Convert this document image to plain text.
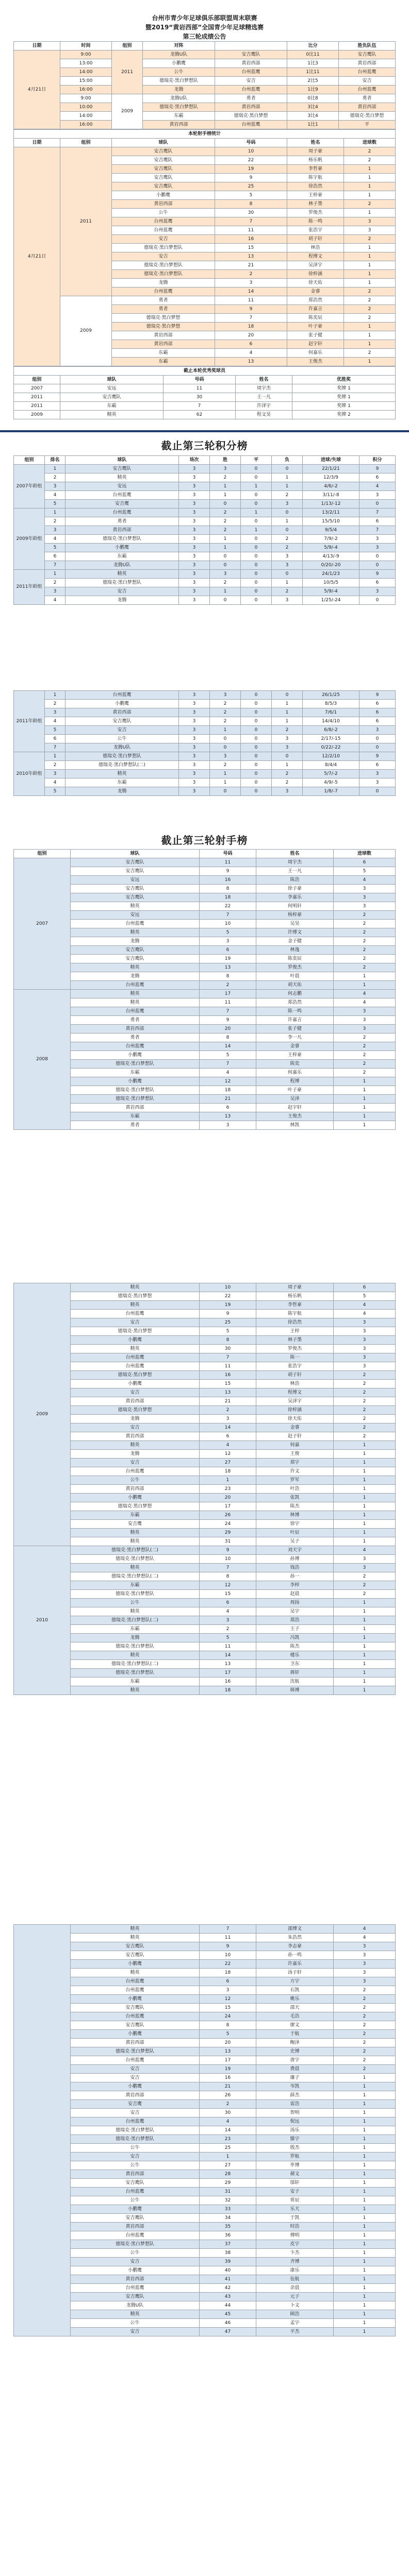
台州市青少年足球俱乐部联盟周末联赛
暨2019“黄岩西部”全国青少年足球精选赛
第三轮成绩公告
日期	时间	组别	对阵		比分	胜负队伍
4月21日	9:00	2011	龙腾U队	安吉鹰队	0比11	安吉鹰队
	13:00		小鹏鹰	黄岩西部	1比3	黄岩西部
	14:00		公牛	台州蓝鹰	1比11	台州蓝鹰
	15:00		德瑞克·黑白梦想队	安吉	2比5	安吉
	16:00		龙腾	台州蓝鹰	1比9	台州蓝鹰
	9:00	2009	龙腾U队	勇者	0比8	勇者
	10:00		德瑞克·黑白梦想队	黄岩西部	3比4	黄岩西部
	14:00		东霸	德瑞克·黑白梦想	3比4	德瑞克·黑白梦想
	16:00		黄岩西部	台州蓝鹰	1比1	平
本轮射手榜统计					
日期	组别	球队	号码	姓名	进球数
4月21日	2011	安吉鹰队	10	周子豪	2
		安吉鹰队	22	杨乐帆	2
		安吉鹰队	19	李哲豪	1
		安吉鹰队	9	陈宇航	1
		安吉鹰队	25	徐浩然	1
		小鹏鹰	5	王梓豪	1
		黄岩西部	8	林子墨	2
		公牛	30	罗俊杰	1
		台州蓝鹰	7	陈一鸣	3
		台州蓝鹰	11	张浩宇	3
		安吉	16	胡子轩	2
		德瑞克·黑白梦想队	15	林浩	1
		安吉	13	程博文	1
		德瑞克·黑白梦想队	21	吴泽宇	1
		德瑞克·黑白梦想队	2	徐梓涵	1
		龙腾	3	徐天佑	1
		台州蓝鹰	14	金睿	2
	2009	勇者	11	郑浩然	2
		勇者	9	许嘉言	2
		德瑞克·黑白梦想	7	陈奕辰	2
		德瑞克·黑白梦想	18	叶子豪	1
		黄岩西部	20	张子健	1
		黄岩西部	6	赵宇轩	1
		东霸	4	何嘉乐	2
		东霸	13	王俊杰	1
截止本轮优秀奖球员				
组别	球队	号码	姓名	优胜奖
2007	安远	11	周宇杰	奖牌 1
2011	安吉鹰队	30	王一凡	奖牌 1
2011	东霸	7	许泽宇	奖牌 1
2009	精英	62	程文昊	奖牌 2
截止第三轮积分榜
组别	排名	球队	场次	胜	平	负	进球/失球	积分
2007年龄组	1	安吉鹰队	3	3	0	0	22/1/21	9
	2	精英	3	2	0	1	12/3/9	6
	3	安远	3	1	1	1	4/6/-2	4
	4	台州蓝鹰	3	1	0	2	3/11/-8	3
	5	安吉鹰	3	0	0	3	1/13/-12	0
2009年龄组	1	台州蓝鹰	3	2	1	0	13/2/11	7
	2	勇者	3	2	0	1	15/5/10	6
	3	黄岩西部	3	2	1	0	9/5/4	7
	4	德瑞克·黑白梦想队	3	1	0	2	7/9/-2	3
	5	小鹏鹰	3	1	0	2	5/9/-4	3
	6	东霸	3	0	0	3	4/13/-9	0
	7	龙腾U队	3	0	0	3	0/20/-20	0
2011年龄组	1	精英	3	3	0	0	24/1/23	9
	2	德瑞克·黑白梦想队	3	2	0	1	10/5/5	6
	3	安吉	3	1	0	2	5/9/-4	3
	4	龙腾	3	0	0	3	1/25/-24	0
2011年龄组	1	台州蓝鹰	3	3	0	0	26/1/25	9
	2	小鹏鹰	3	2	0	1	8/5/3	6
	3	黄岩西部	3	2	0	1	7/6/1	6
	4	安吉鹰队	3	2	0	1	14/4/10	6
	5	安吉	3	1	0	2	6/8/-2	3
	6	公牛	3	0	0	3	2/17/-15	0
	7	龙腾U队	3	0	0	3	0/22/-22	0
2010年龄组	1	德瑞克·黑白梦想队	3	3	0	0	12/2/10	9
	2	德瑞克·黑白梦想队(二)	3	2	0	1	8/4/4	6
	3	精英	3	1	0	2	5/7/-2	3
	4	东霸	3	1	0	2	4/9/-5	3
	5	龙腾	3	0	0	3	1/8/-7	0
截止第三轮射手榜
组别	球队	号码	姓名	进球数
2007	安吉鹰队	11	周宇杰	6
	安吉鹰队	9	王一凡	5
	安远	16	陈浩	4
	安吉鹰队	8	徐子豪	3
	安吉鹰队	18	李嘉乐	3
	精英	22	何明轩	3
	安远	7	杨梓豪	2
	台州蓝鹰	10	吴昊	2
	精英	5	许博文	2
	龙腾	3	金子健	2
	安吉鹰队	6	林逸	2
	安吉鹰队	19	陈奕辰	2
	精英	13	罗俊杰	2
	龙腾	8	叶晨	1
	台州蓝鹰	2	胡天佑	1
2008	精英	17	何志鹏	4
	精英	11	郑浩然	4
	台州蓝鹰	7	陈一鸣	3
	勇者	9	许嘉言	3
	黄岩西部	20	张子健	3
	勇者	8	李一凡	2
	台州蓝鹰	14	金睿	2
	小鹏鹰	5	王梓豪	2
	德瑞克·黑白梦想队	7	陈奕	2
	东霸	4	何嘉乐	2
	小鹏鹰	12	程博	1
	德瑞克·黑白梦想队	18	叶子豪	1
	德瑞克·黑白梦想队	21	吴泽	1
	黄岩西部	6	赵宇轩	1
	东霸	13	王俊杰	1
	勇者	3	林凯	1
2009	精英	10	周子豪	6
	德瑞克·黑白梦想	22	杨乐帆	5
	精英	19	李哲豪	4
	台州蓝鹰	9	陈宇航	4
	安吉	25	徐浩然	3
	德瑞克·黑白梦想	5	王梓	3
	小鹏鹰	8	林子墨	3
	精英	30	罗俊杰	3
	台州蓝鹰	7	陈一	3
	台州蓝鹰	11	张浩宇	3
	德瑞克·黑白梦想	16	胡子轩	2
	小鹏鹰	15	林浩	2
	安吉	13	程博文	2
	黄岩西部	21	吴泽宇	2
	德瑞克·黑白梦想	2	徐梓涵	2
	龙腾	3	徐天佑	2
	安吉	14	金睿	2
	黄岩西部	6	赵子轩	2
	精英	4	何嘉	1
	龙腾	12	王俊	1
	安吉	27	郑宇	1
	台州蓝鹰	18	许文	1
	公牛	1	罗军	1
	黄岩西部	23	叶浩	1
	小鹏鹰	20	张凯	1
	德瑞克·黑白梦想	17	陈杰	1
	东霸	26	林博	1
	安吉鹰	24	徐宇	1
	精英	29	叶辰	1
	精英	31	吴子	1
2010	德瑞克·黑白梦想队(二)	9	刘天宇	4
	德瑞克·黑白梦想队	10	孙博	3
	精英	7	钱浩	3
	德瑞克·黑白梦想队(二)	8	孙一	2
	东霸	12	李梓	2
	德瑞克·黑白梦想队	15	赵晨	2
	公牛	6	周扬	1
	精英	4	吴宇	1
	德瑞克·黑白梦想队(二)	3	郑浩	1
	东霸	2	王子	1
	龙腾	5	冯凯	1
	德瑞克·黑白梦想队	11	陈杰	1
	精英	14	楼乐	1
	德瑞克·黑白梦想队(二)	13	卫东	1
	德瑞克·黑白梦想队	17	蒋轩	1
	东霸	16	沈航	1
	精英	18	韩博	1
	精英	7	邵博文	4
	精英	11	朱浩然	4
	安吉鹰队	9	李志豪	3
	安吉鹰队	10	孙一鸣	3
	小鹏鹰	22	许嘉乐	3
	精英	18	汤子轩	3
	台州蓝鹰	6	方宇	3
	台州蓝鹰	3	石凯	2
	小鹏鹰	12	姚乐	2
	安吉鹰队	15	邵天	2
	台州蓝鹰	24	毛浩	2
	安吉鹰队	8	廖文	2
	小鹏鹰	5	于航	2
	黄岩西部	20	鲍泽	2
	德瑞克·黑白梦想队	13	史博	2
	台州蓝鹰	17	唐宇	2
	安吉	19	费晨	2
	安吉	16	廉子	1
	小鹏鹰	21	岑凯	1
	黄岩西部	26	薛杰	1
	安吉鹰	2	雷浩	1
	安吉	30	贺明	1
	台州蓝鹰	4	倪远	1
	德瑞克·黑白梦想队	14	汤乐	1
	德瑞克·黑白梦想队	23	滕宇	1
	公牛	25	殷杰	1
	安吉	1	罗航	1
	公牛	27	毕博	1
	黄岩西部	28	郝文	1
	安吉鹰队	29	邬轩	1
	台州蓝鹰	31	安子	1
	公牛	32	常辰	1
	小鹏鹰	33	乐天	1
	安吉鹰队	34	于凯	1
	黄岩西部	35	时浩	1
	台州蓝鹰	36	傅明	1
	德瑞克·黑白梦想队	37	皮宇	1
	公牛	38	卞杰	1
	安吉	39	齐博	1
	小鹏鹰	40	康乐	1
	黄岩西部	41	伍航	1
	台州蓝鹰	42	余晨	1
	安吉鹰队	43	元子	1
	龙腾U队	44	卜文	1
	精英	45	顾浩	1
	公牛	46	孟宇	1
	安吉	47	平杰	1
